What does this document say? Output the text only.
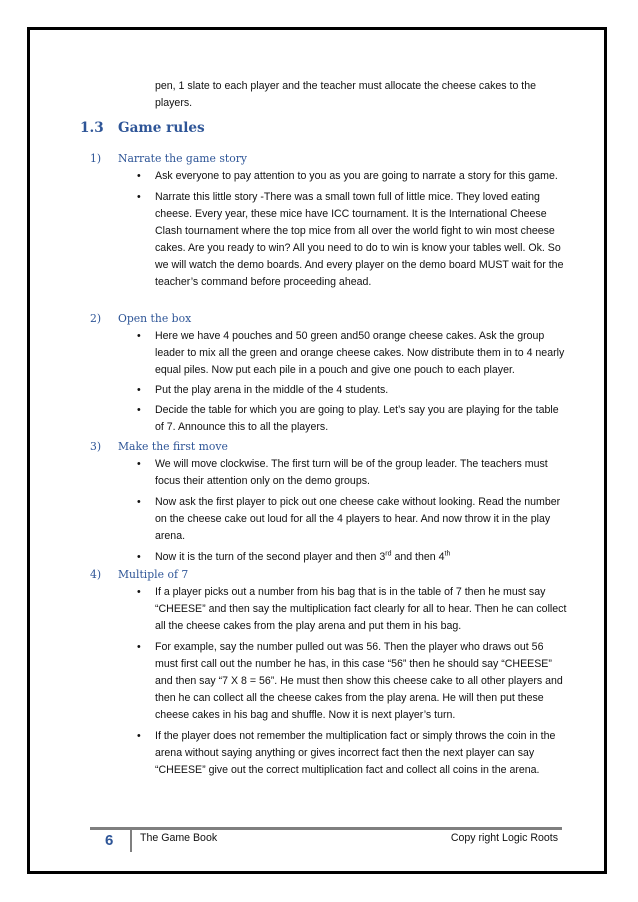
pen, 1 slate to each player and the teacher must allocate the cheese cakes to the
players.
1.3 Game rules
1) Narrate the game story
• Ask everyone to pay attention to you as you are going to narrate a story for this game.
• Narrate this little story -There was a small town full of little mice. They loved eating cheese. Every year, these mice have ICC tournament. It is the International Cheese Clash tournament where the top mice from all over the world fight to win most cheese cakes. Are you ready to win? All you need to do to win is know your tables well. Ok. So we will watch the demo boards. And every player on the demo board MUST wait for the teacher’s command before proceeding ahead.
2) Open the box
• Here we have 4 pouches and 50 green and50 orange cheese cakes. Ask the group leader to mix all the green and orange cheese cakes. Now distribute them in to 4 nearly equal piles. Now put each pile in a pouch and give one pouch to each player.
• Put the play arena in the middle of the 4 students.
• Decide the table for which you are going to play. Let’s say you are playing for the table of 7. Announce this to all the players.
3) Make the first move
• We will move clockwise. The first turn will be of the group leader. The teachers must focus their attention only on the demo groups.
• Now ask the first player to pick out one cheese cake without looking. Read the number on the cheese cake out loud for all the 4 players to hear. And now throw it in the play arena.
• Now it is the turn of the second player and then 3rd and then 4th
4) Multiple of 7
• If a player picks out a number from his bag that is in the table of 7 then he must say “CHEESE” and then say the multiplication fact clearly for all to hear. Then he can collect all the cheese cakes from the play arena and put them in his bag.
• For example, say the number pulled out was 56. Then the player who draws out 56 must first call out the number he has, in this case “56” then he should say “CHEESE” and then say “7 X 8 = 56”. He must then show this cheese cake to all other players and then he can collect all the cheese cakes from the play arena. He will then put these cheese cakes in his bag and shuffle. Now it is next player’s turn.
• If the player does not remember the multiplication fact or simply throws the coin in the arena without saying anything or gives incorrect fact then the next player can say “CHEESE” give out the correct multiplication fact and collect all coins in the arena.
6	The Game Book	Copy right Logic Roots
